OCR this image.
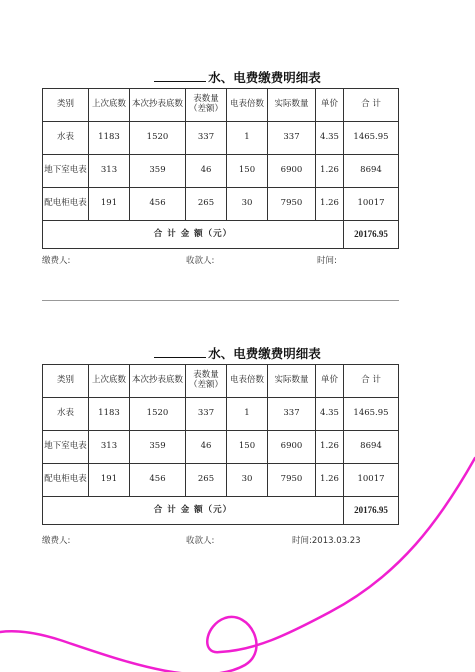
水、电费缴费明细表
类别	上次底数	本次抄表底数	表数量（差额）	电表倍数	实际数量	单价	合 计
水表	1183	1520	337	1	337	4.35	1465.95
地下室电表	313	359	46	150	6900	1.26	8694
配电柜电表	191	456	265	30	7950	1.26	10017
合 计 金 额（元）							20176.95
缴费人:	收款人:	时间:
水、电费缴费明细表
类别	上次底数	本次抄表底数	表数量（差额）	电表倍数	实际数量	单价	合 计
水表	1183	1520	337	1	337	4.35	1465.95
地下室电表	313	359	46	150	6900	1.26	8694
配电柜电表	191	456	265	30	7950	1.26	10017
合 计 金 额（元）							20176.95
缴费人:	收款人:	时间:2013.03.23
